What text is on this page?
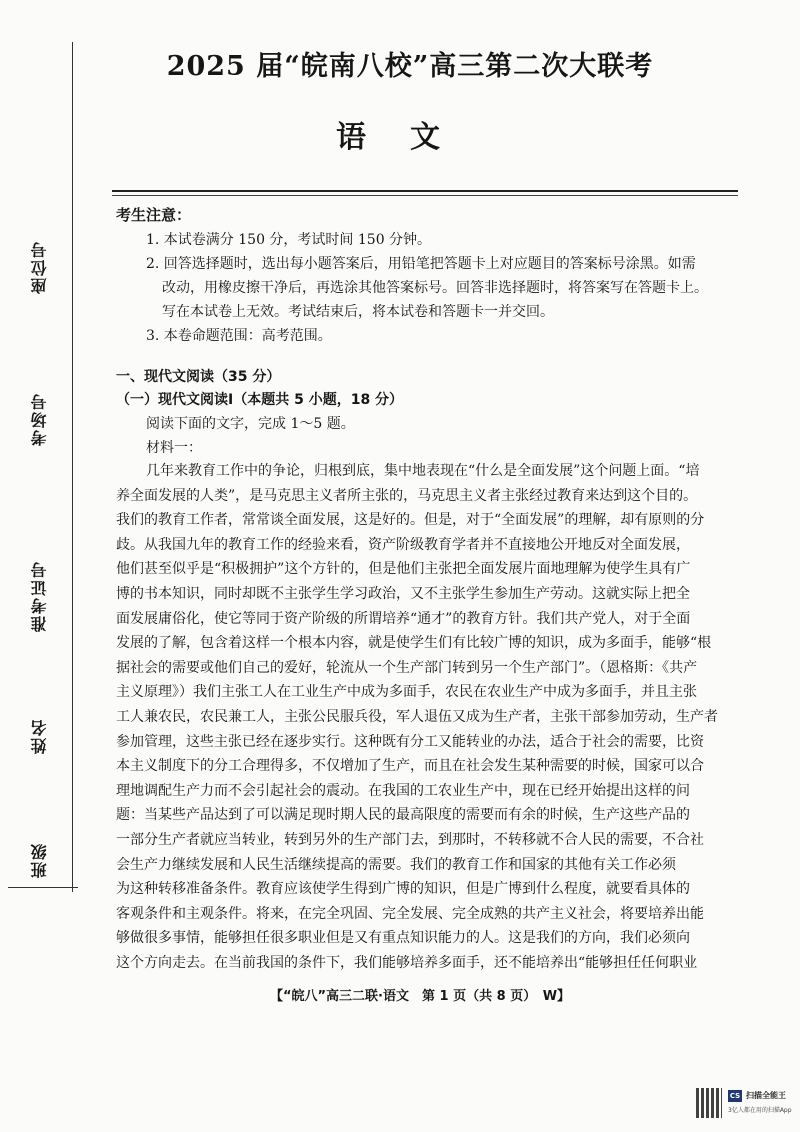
座位号
考场号
准考证号
姓名
班级
2025 届“皖南八校”高三第二次大联考
语文
考生注意：

1. 本试卷满分 150 分，考试时间 150 分钟。

2. 回答选择题时，选出每小题答案后，用铅笔把答题卡上对应题目的答案标号涂黑。如需

改动，用橡皮擦干净后，再选涂其他答案标号。回答非选择题时，将答案写在答题卡上。

写在本试卷上无效。考试结束后，将本试卷和答题卡一并交回。

3. 本卷命题范围：高考范围。

一、现代文阅读（35 分）
（一）现代文阅读Ⅰ（本题共 5 小题，18 分）
阅读下面的文字，完成 1～5 题。
材料一：
几年来教育工作中的争论，归根到底，集中地表现在“什么是全面发展”这个问题上面。“培
养全面发展的人类”，是马克思主义者所主张的，马克思主义者主张经过教育来达到这个目的。
我们的教育工作者，常常谈全面发展，这是好的。但是，对于“全面发展”的理解，却有原则的分
歧。从我国九年的教育工作的经验来看，资产阶级教育学者并不直接地公开地反对全面发展，
他们甚至似乎是“积极拥护”这个方针的，但是他们主张把全面发展片面地理解为使学生具有广
博的书本知识，同时却既不主张学生学习政治，又不主张学生参加生产劳动。这就实际上把全
面发展庸俗化，使它等同于资产阶级的所谓培养“通才”的教育方针。我们共产党人，对于全面
发展的了解，包含着这样一个根本内容，就是使学生们有比较广博的知识，成为多面手，能够“根
据社会的需要或他们自己的爱好，轮流从一个生产部门转到另一个生产部门”。（恩格斯：《共产
主义原理》）我们主张工人在工业生产中成为多面手，农民在农业生产中成为多面手，并且主张
工人兼农民，农民兼工人，主张公民服兵役，军人退伍又成为生产者，主张干部参加劳动，生产者
参加管理，这些主张已经在逐步实行。这种既有分工又能转业的办法，适合于社会的需要，比资
本主义制度下的分工合理得多，不仅增加了生产，而且在社会发生某种需要的时候，国家可以合
理地调配生产力而不会引起社会的震动。在我国的工农业生产中，现在已经开始提出这样的问
题：当某些产品达到了可以满足现时期人民的最高限度的需要而有余的时候，生产这些产品的
一部分生产者就应当转业，转到另外的生产部门去，到那时，不转移就不合人民的需要，不合社
会生产力继续发展和人民生活继续提高的需要。我们的教育工作和国家的其他有关工作必须
为这种转移准备条件。教育应该使学生得到广博的知识，但是广博到什么程度，就要看具体的
客观条件和主观条件。将来，在完全巩固、完全发展、完全成熟的共产主义社会，将要培养出能
够做很多事情，能够担任很多职业但是又有重点知识能力的人。这是我们的方向，我们必须向
这个方向走去。在当前我国的条件下，我们能够培养多面手，还不能培养出“能够担任任何职业
【“皖八”高三二联·语文　第 1 页（共 8 页）　W】
CS 扫描全能王
3亿人都在用的扫描App
